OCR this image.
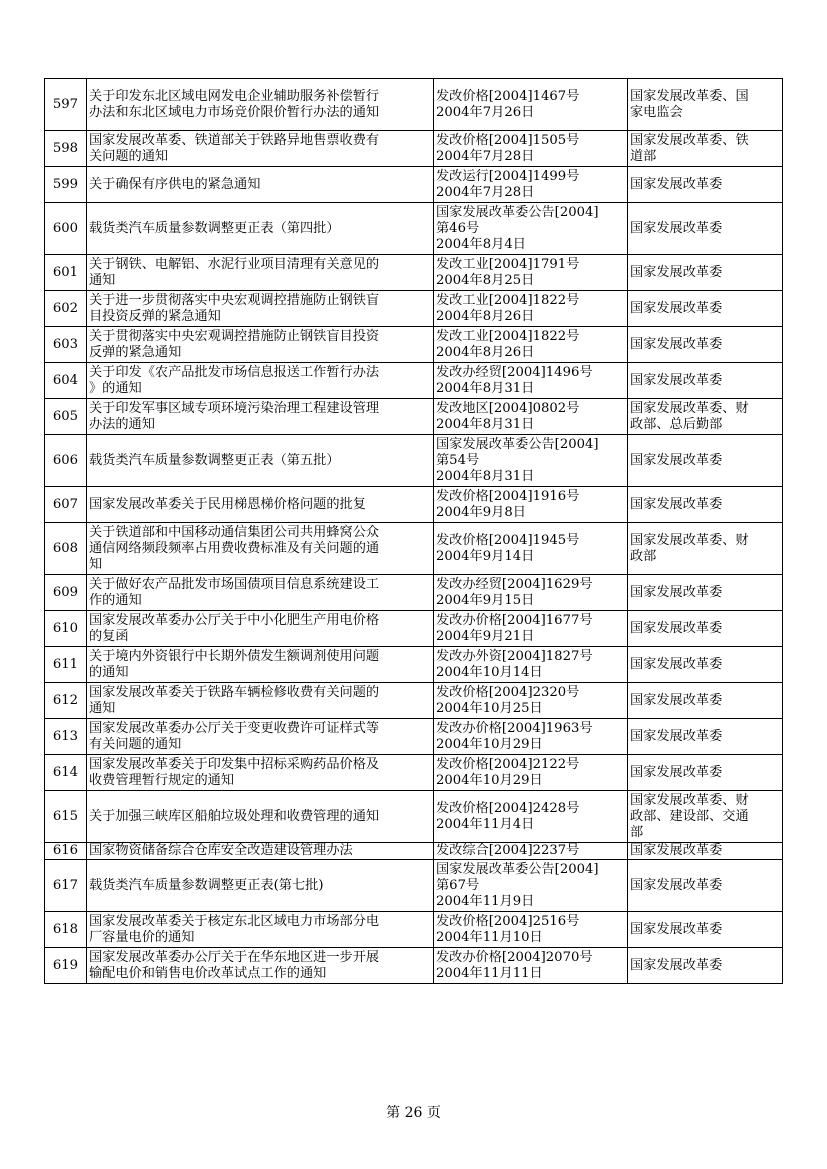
597	关于印发东北区域电网发电企业辅助服务补偿暂行
办法和东北区域电力市场竞价限价暂行办法的通知	发改价格[2004]1467号
2004年7月26日	国家发展改革委、国
家电监会

598	国家发展改革委、铁道部关于铁路异地售票收费有
关问题的通知	发改价格[2004]1505号
2004年7月28日	国家发展改革委、铁
道部

599	关于确保有序供电的紧急通知	发改运行[2004]1499号
2004年7月28日	国家发展改革委

600	载货类汽车质量参数调整更正表（第四批）	国家发展改革委公告[2004]
第46号
2004年8月4日	国家发展改革委

601	关于钢铁、电解铝、水泥行业项目清理有关意见的
通知	发改工业[2004]1791号
2004年8月25日	国家发展改革委

602	关于进一步贯彻落实中央宏观调控措施防止钢铁盲
目投资反弹的紧急通知	发改工业[2004]1822号
2004年8月26日	国家发展改革委

603	关于贯彻落实中央宏观调控措施防止钢铁盲目投资
反弹的紧急通知	发改工业[2004]1822号
2004年8月26日	国家发展改革委

604	关于印发《农产品批发市场信息报送工作暂行办法
》的通知	发改办经贸[2004]1496号
2004年8月31日	国家发展改革委

605	关于印发军事区域专项环境污染治理工程建设管理
办法的通知	发改地区[2004]0802号
2004年8月31日	国家发展改革委、财
政部、总后勤部

606	载货类汽车质量参数调整更正表（第五批）	国家发展改革委公告[2004]
第54号
2004年8月31日	国家发展改革委

607	国家发展改革委关于民用梯恩梯价格问题的批复	发改价格[2004]1916号
2004年9月8日	国家发展改革委

608	关于铁道部和中国移动通信集团公司共用蜂窝公众
通信网络频段频率占用费收费标准及有关问题的通
知	发改价格[2004]1945号
2004年9月14日	国家发展改革委、财
政部

609	关于做好农产品批发市场国债项目信息系统建设工
作的通知	发改办经贸[2004]1629号
2004年9月15日	国家发展改革委

610	国家发展改革委办公厅关于中小化肥生产用电价格
的复函	发改办价格[2004]1677号
2004年9月21日	国家发展改革委

611	关于境内外资银行中长期外债发生额调剂使用问题
的通知	发改办外资[2004]1827号
2004年10月14日	国家发展改革委

612	国家发展改革委关于铁路车辆检修收费有关问题的
通知	发改价格[2004]2320号
2004年10月25日	国家发展改革委

613	国家发展改革委办公厅关于变更收费许可证样式等
有关问题的通知	发改办价格[2004]1963号
2004年10月29日	国家发展改革委

614	国家发展改革委关于印发集中招标采购药品价格及
收费管理暂行规定的通知	发改价格[2004]2122号
2004年10月29日	国家发展改革委

615	关于加强三峡库区船舶垃圾处理和收费管理的通知	发改价格[2004]2428号
2004年11月4日	国家发展改革委、财
政部、建设部、交通
部

616	国家物资储备综合仓库安全改造建设管理办法	发改综合[2004]2237号	国家发展改革委

617	载货类汽车质量参数调整更正表(第七批)	国家发展改革委公告[2004]
第67号
2004年11月9日	国家发展改革委

618	国家发展改革委关于核定东北区域电力市场部分电
厂容量电价的通知	发改价格[2004]2516号
2004年11月10日	国家发展改革委

619	国家发展改革委办公厅关于在华东地区进一步开展
输配电价和销售电价改革试点工作的通知	发改办价格[2004]2070号
2004年11月11日	国家发展改革委
第 26 页
